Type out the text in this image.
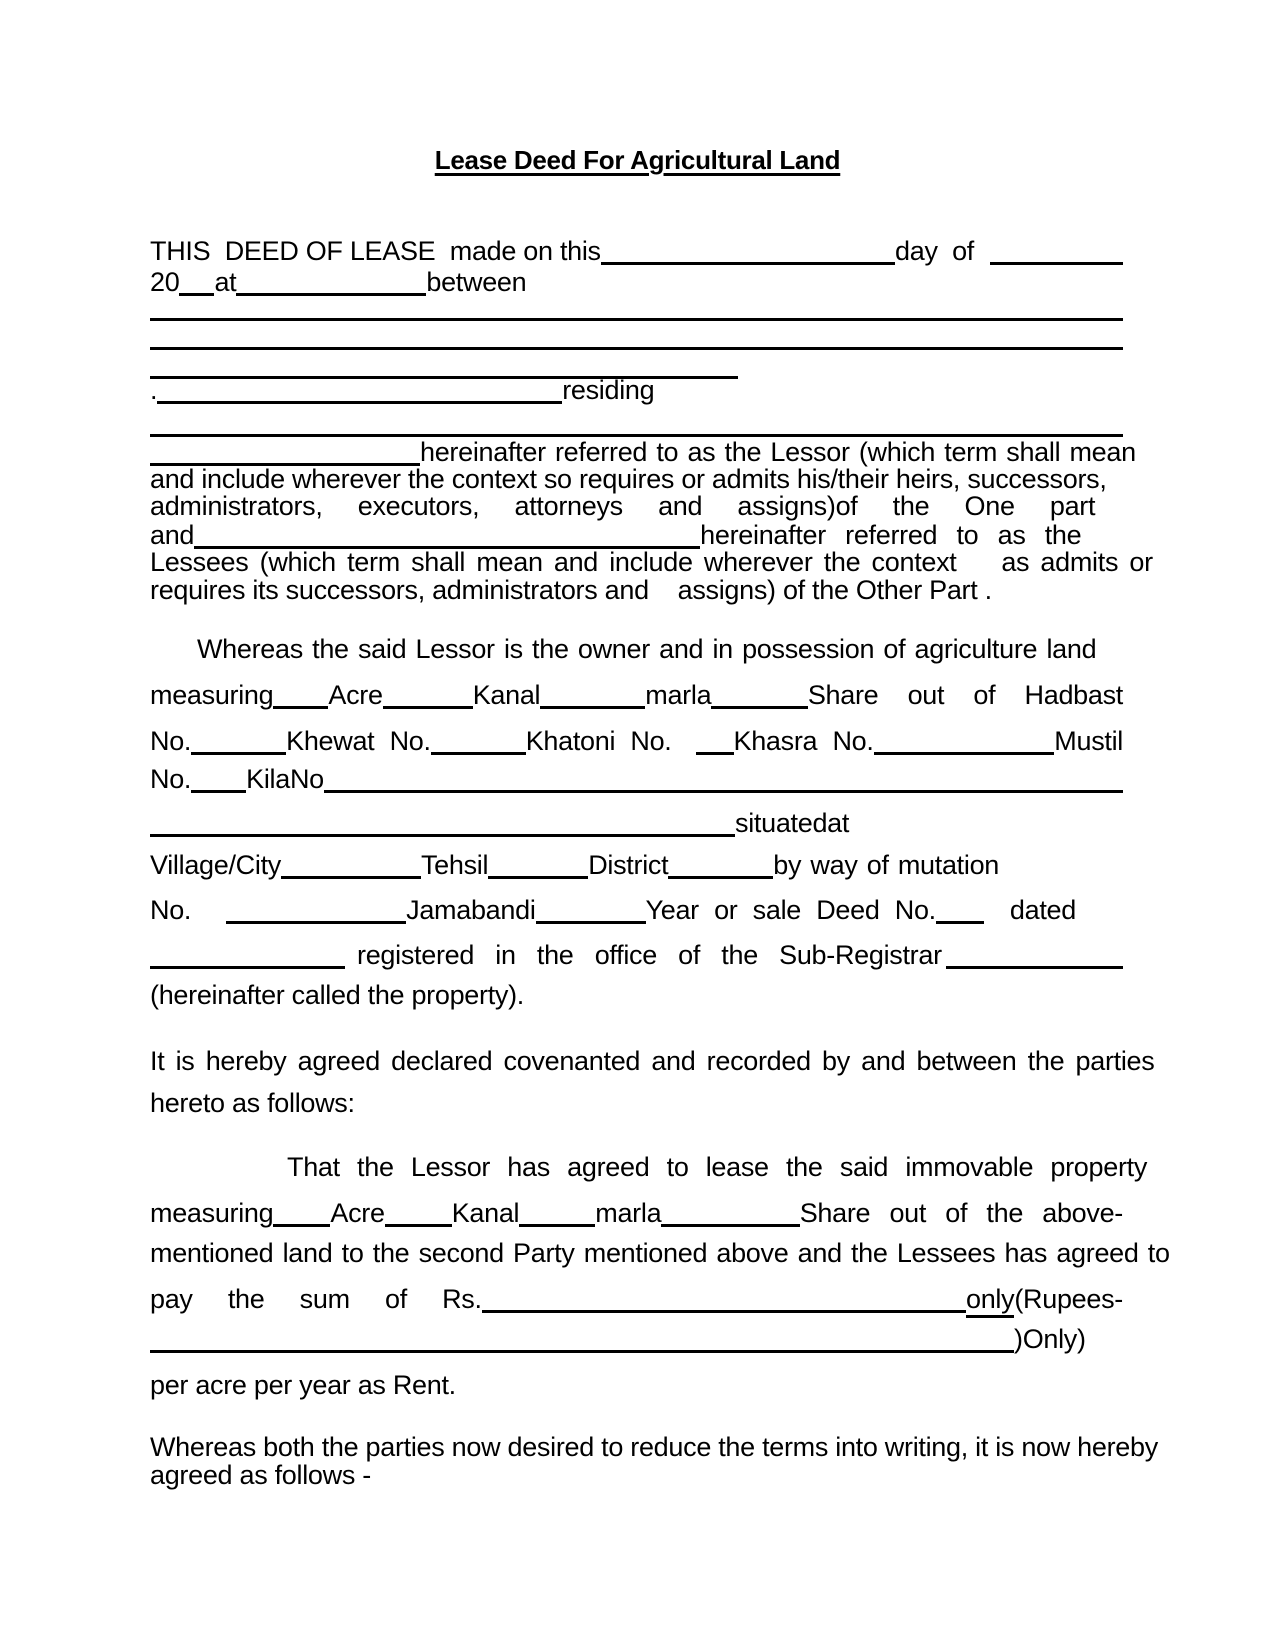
Lease Deed For Agricultural Land
THIS  DEED OF LEASE  made on this	day  of
20 at	between
.	residing
hereinafter referred to as the Lessor (which term shall mean
and include wherever the context so requires or admits his/their heirs, successors,
administrators, executors, attorneys and assigns)of the One part
and	hereinafter referred to as the
Lessees (which term shall mean and include wherever the context    as admits or
requires its successors, administrators and    assigns) of the Other Part .
Whereas the said Lessor is the owner and in possession of agriculture land
measuring Acre	Kanal	marla	Share out of Hadbast
No.	Khewat No.	Khatoni No. Khasra No.	Mustil
No. KilaNo
situated at
Village/City	Tehsil	District	by way of mutation
No.	Jamabandi	Year or sale Deed No.	dated
registered in the office of the Sub-Registrar
(hereinafter called the property).
It is hereby agreed declared covenanted and recorded by and between the parties
hereto as follows:
That the Lessor has agreed to lease the said immovable property
measuring Acre Kanal	marla	Share out of the above-
mentioned land to the second Party mentioned above and the Lessees has agreed to
pay the sum of Rs.	only (Rupees-
)Only)
per acre per year as Rent.
Whereas both the parties now desired to reduce the terms into writing, it is now hereby
agreed as follows -
